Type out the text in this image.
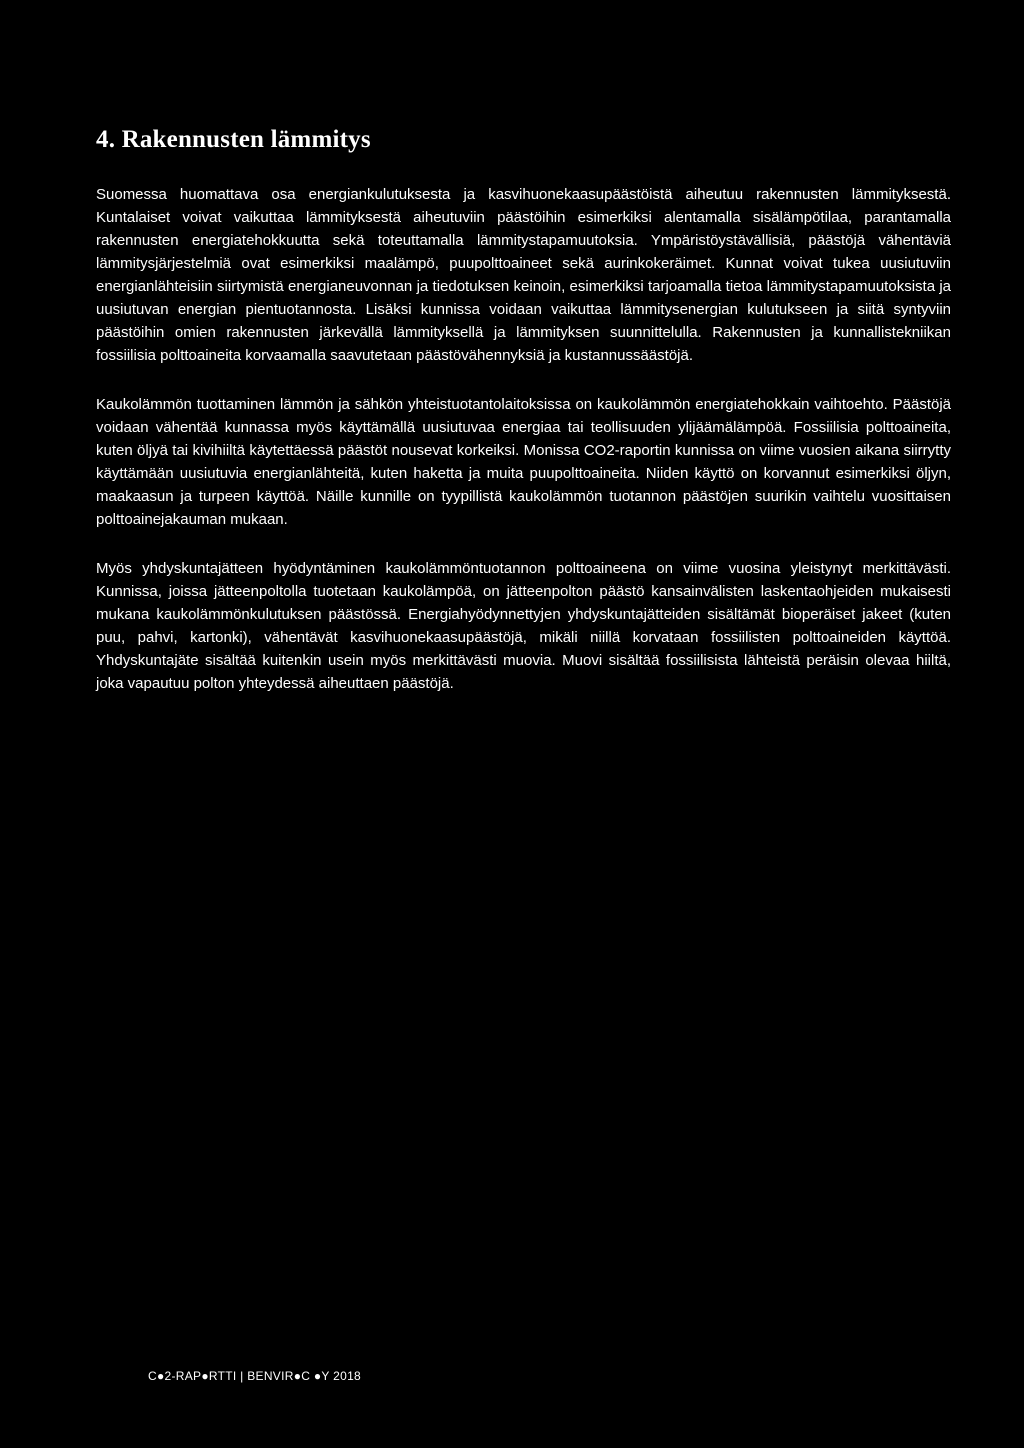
4. Rakennusten lämmitys

Suomessa huomattava osa energiankulutuksesta ja kasvihuonekaasupäästöistä aiheutuu rakennusten lämmityksestä. Kuntalaiset voivat vaikuttaa lämmityksestä aiheutuviin päästöihin esimerkiksi alentamalla sisälämpötilaa, parantamalla rakennusten energiatehokkuutta sekä toteuttamalla lämmitystapamuutoksia. Ympäristöystävällisiä, päästöjä vähentäviä lämmitysjärjestelmiä ovat esimerkiksi maalämpö, puupolttoaineet sekä aurinkokeräimet. Kunnat voivat tukea uusiutuviin energianlähteisiin siirtymistä energianeuvonnan ja tiedotuksen keinoin, esimerkiksi tarjoamalla tietoa lämmitystapamuutoksista ja uusiutuvan energian pientuotannosta. Lisäksi kunnissa voidaan vaikuttaa lämmitysenergian kulutukseen ja siitä syntyviin päästöihin omien rakennusten järkevällä lämmityksellä ja lämmityksen suunnittelulla. Rakennusten ja kunnallistekniikan fossiilisia polttoaineita korvaamalla saavutetaan päästövähennyksiä ja kustannussäästöjä.

Kaukolämmön tuottaminen lämmön ja sähkön yhteistuotantolaitoksissa on kaukolämmön energiatehokkain vaihtoehto. Päästöjä voidaan vähentää kunnassa myös käyttämällä uusiutuvaa energiaa tai teollisuuden ylijäämälämpöä. Fossiilisia polttoaineita, kuten öljyä tai kivihiiltä käytettäessä päästöt nousevat korkeiksi. Monissa CO2-raportin kunnissa on viime vuosien aikana siirrytty käyttämään uusiutuvia energianlähteitä, kuten haketta ja muita puupolttoaineita. Niiden käyttö on korvannut esimerkiksi öljyn, maakaasun ja turpeen käyttöä. Näille kunnille on tyypillistä kaukolämmön tuotannon päästöjen suurikin vaihtelu vuosittaisen polttoainejakauman mukaan.

Myös yhdyskuntajätteen hyödyntäminen kaukolämmöntuotannon polttoaineena on viime vuosina yleistynyt merkittävästi. Kunnissa, joissa jätteenpoltolla tuotetaan kaukolämpöä, on jätteenpolton päästö kansainvälisten laskentaohjeiden mukaisesti mukana kaukolämmönkulutuksen päästössä. Energiahyödynnettyjen yhdyskuntajätteiden sisältämät bioperäiset jakeet (kuten puu, pahvi, kartonki), vähentävät kasvihuonekaasupäästöjä, mikäli niillä korvataan fossiilisten polttoaineiden käyttöä. Yhdyskuntajäte sisältää kuitenkin usein myös merkittävästi muovia. Muovi sisältää fossiilisista lähteistä peräisin olevaa hiiltä, joka vapautuu polton yhteydessä aiheuttaen päästöjä.

C●2-RAP●RTTI | BENVIR●C ●Y 2018
